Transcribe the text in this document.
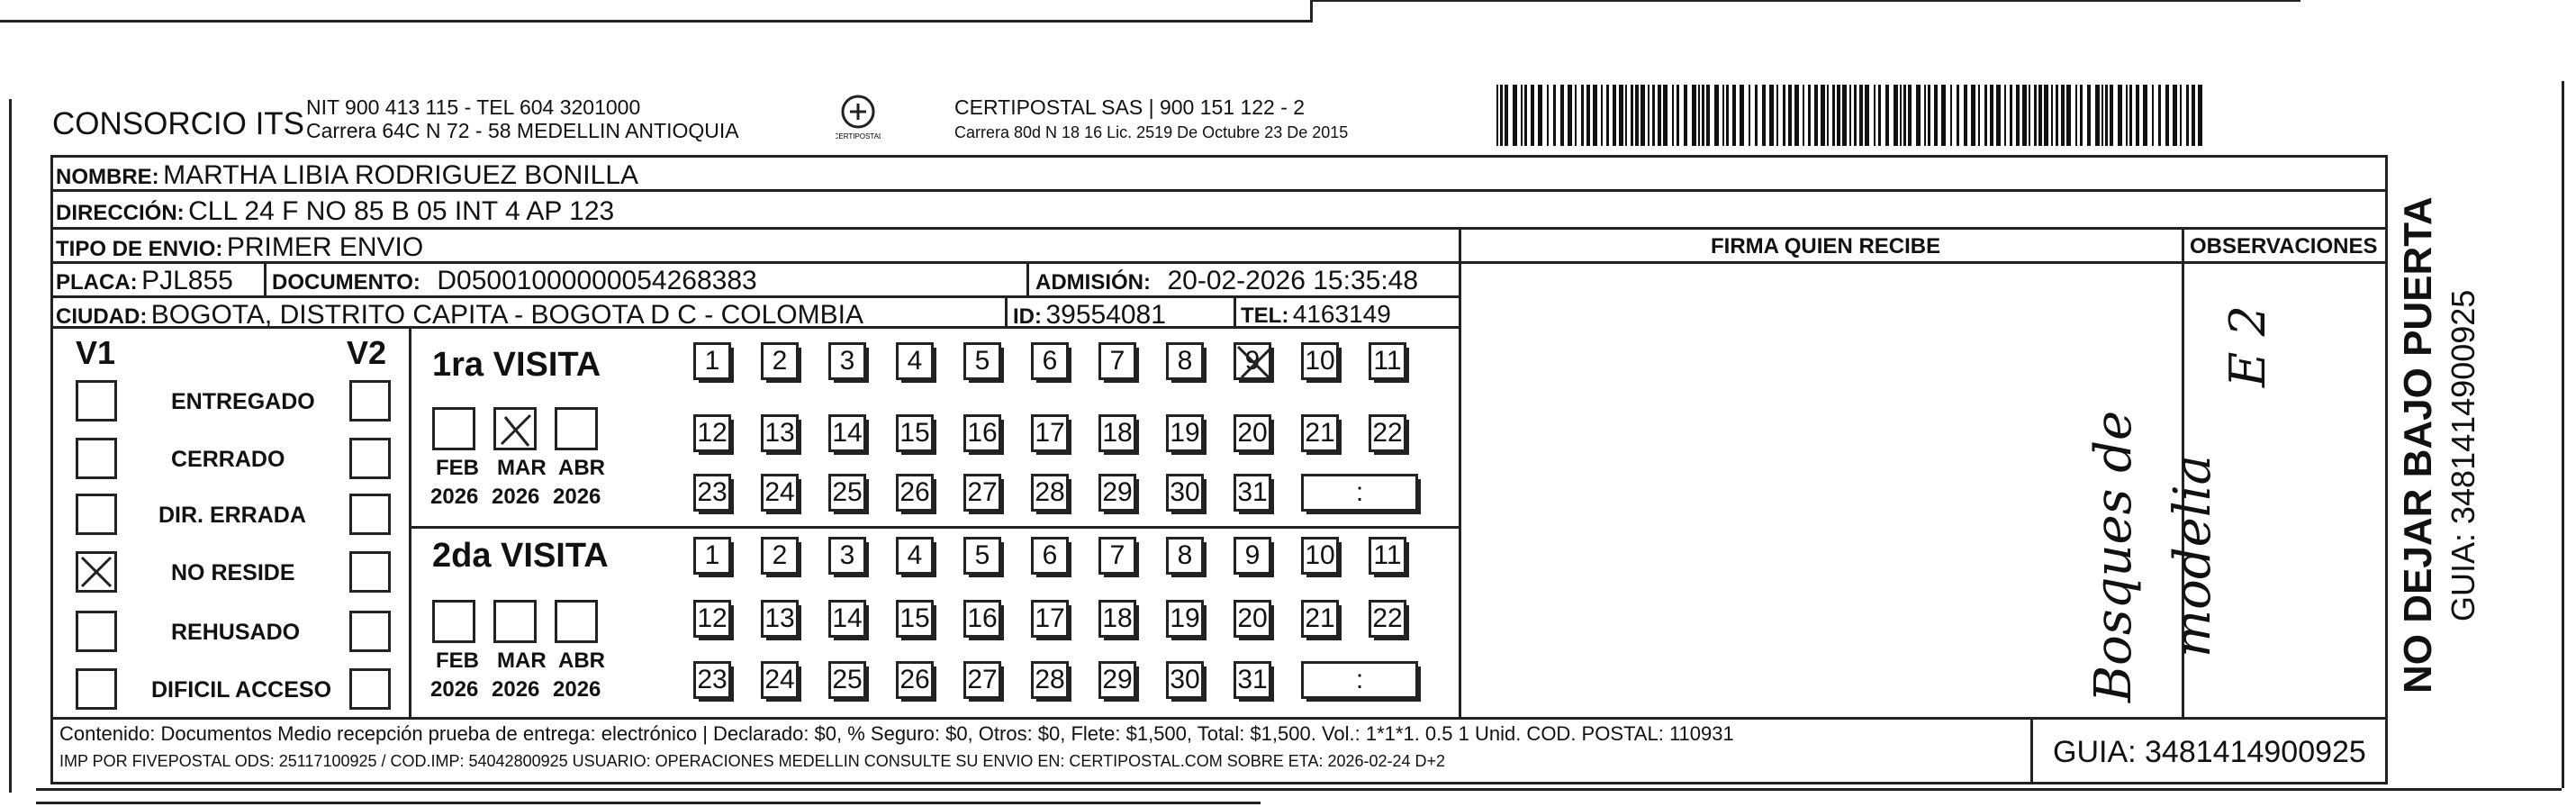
CONSORCIO ITS NIT 900 413 115 - TEL 604 3201000
Carrera 64C N 72 - 58 MEDELLIN ANTIOQUIA	CERTIPOSTAL
CERTIPOSTAL SAS | 900 151 122 - 2
Carrera 80d N 18 16 Lic. 2519 De Octubre 23 De 2015
NOMBRE: MARTHA LIBIA RODRIGUEZ BONILLA
DIRECCIÓN: CLL 24 F NO 85 B 05 INT 4 AP 123
TIPO DE ENVIO: PRIMER ENVIO
PLACA: PJL855 DOCUMENTO: D05001000000054268383	ADMISIÓN: 20-02-2026 15:35:48
CIUDAD: BOGOTA, DISTRITO CAPITA - BOGOTA D C - COLOMBIA	ID: 39554081	TEL: 4163149
FIRMA QUIEN RECIBE	OBSERVACIONES
V1	V2
ENTREGADO
CERRADO
DIR. ERRADA
NO RESIDE
REHUSADO
DIFICIL ACCESO
1ra VISITA
2da VISITA
FEB
2026
MAR
2026
ABR
2026
FEB
2026
MAR
2026
ABR
2026
1 2 3 4 5 6 7 8 9 10 11
12 13 14 15 16 17 18 19 20 21 22
23 24 25 26 27 28 29 30 31	:
1 2 3 4 5 6 7 8 9 10 11
12 13 14 15 16 17 18 19 20 21 22
23 24 25 26 27 28 29 30 31	:	Bosques de modelia
E 2
Contenido: Documentos Medio recepción prueba de entrega: electrónico | Declarado: $0, % Seguro: $0, Otros: $0, Flete: $1,500, Total: $1,500. Vol.: 1*1*1. 0.5 1 Unid. COD. POSTAL: 110931
IMP POR FIVEPOSTAL ODS: 25117100925 / COD.IMP: 54042800925 USUARIO: OPERACIONES MEDELLIN CONSULTE SU ENVIO EN: CERTIPOSTAL.COM SOBRE ETA: 2026-02-24 D+2	GUIA: 3481414900925
NO DEJAR BAJO PUERTA GUIA: 3481414900925
